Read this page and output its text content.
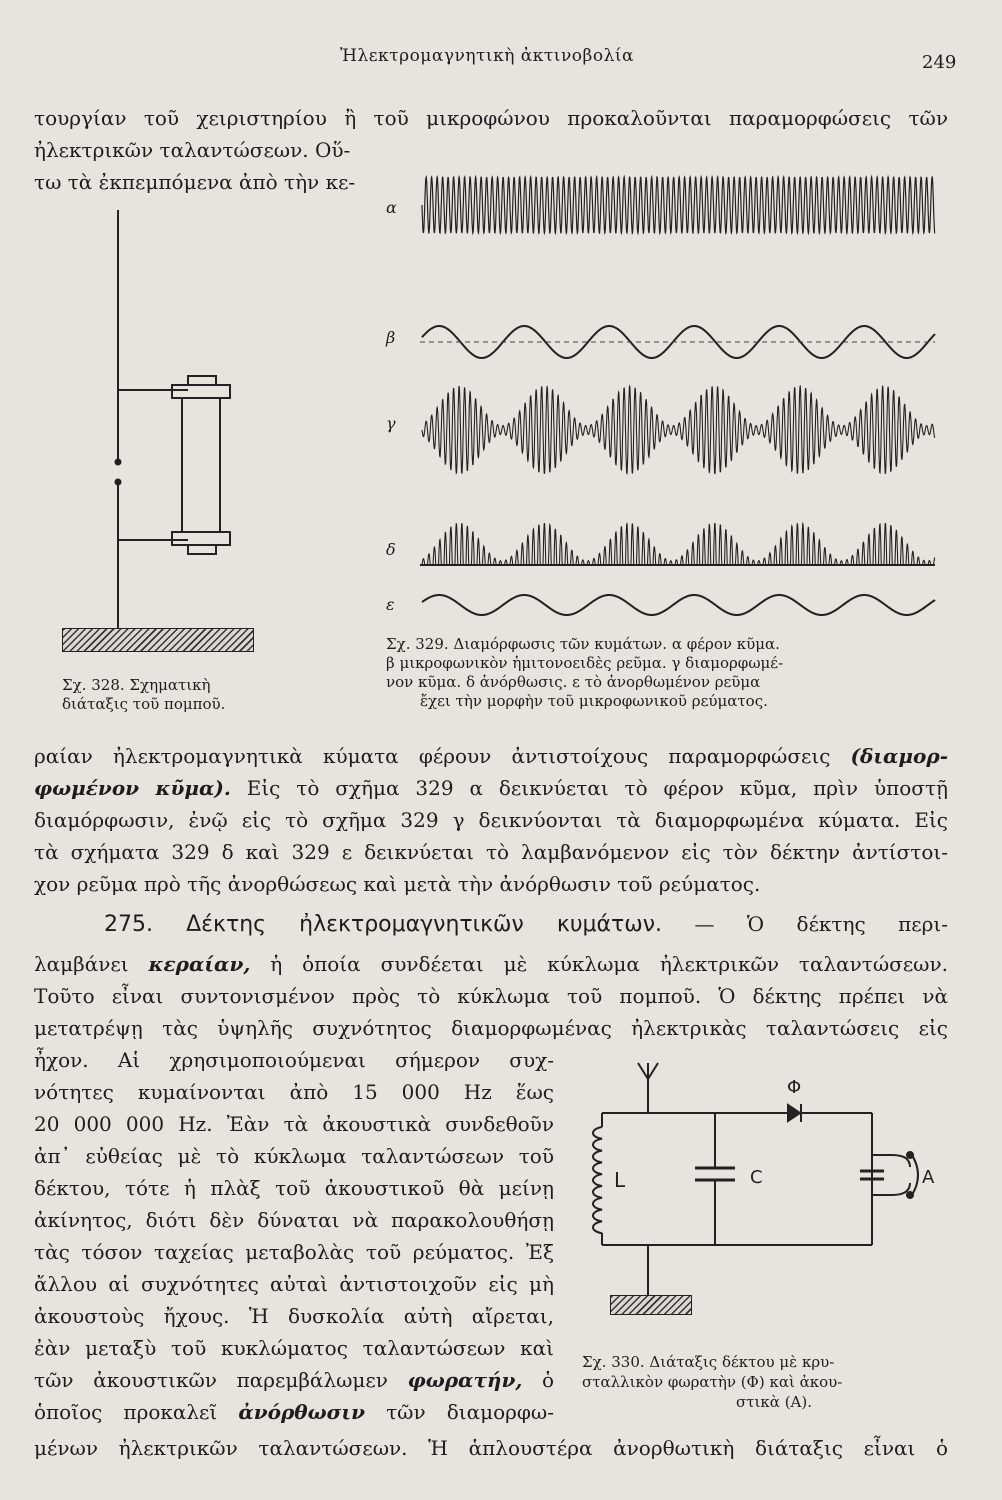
Ἠλεκτρομαγνητικὴ ἀκτινοβολία	249
τουργίαν τοῦ χειριστηρίου ἢ τοῦ μικροφώνου προκαλοῦνται παραμορφώσεις τῶν
ἠλεκτρικῶν ταλαντώσεων. Οὕ-
τω τὰ ἐκπεμπόμενα ἀπὸ τὴν κε-
Σχ. 328. Σχηματικὴ
διάταξις τοῦ πομποῦ.
α
β
γ
δ
ε
Σχ. 329. Διαμόρφωσις τῶν κυμάτων. α φέρον κῦμα.
β μικροφωνικὸν ἡμιτονοειδὲς ρεῦμα. γ διαμορφωμέ-
νον κῦμα. δ ἀνόρθωσις. ε τὸ ἀνορθωμένον ρεῦμα
ἔχει τὴν μορφὴν τοῦ μικροφωνικοῦ ρεύματος.
ραίαν ἠλεκτρομαγνητικὰ κύματα φέρουν ἀντιστοίχους παραμορφώσεις (διαμορ-
φωμένον κῦμα). Εἰς τὸ σχῆμα 329 α δεικνύεται τὸ φέρον κῦμα, πρὶν ὑποστῇ
διαμόρφωσιν, ἐνῷ εἰς τὸ σχῆμα 329 γ δεικνύονται τὰ διαμορφωμένα κύματα. Εἰς
τὰ σχήματα 329 δ καὶ 329 ε δεικνύεται τὸ λαμβανόμενον εἰς τὸν δέκτην ἀντίστοι-
χον ρεῦμα πρὸ τῆς ἀνορθώσεως καὶ μετὰ τὴν ἀνόρθωσιν τοῦ ρεύματος.
275. Δέκτης ἠλεκτρομαγνητικῶν κυμάτων. — Ὁ δέκτης περι-
λαμβάνει κεραίαν, ἡ ὁποία συνδέεται μὲ κύκλωμα ἠλεκτρικῶν ταλαντώσεων.
Τοῦτο εἶναι συντονισμένον πρὸς τὸ κύκλωμα τοῦ πομποῦ. Ὁ δέκτης πρέπει νὰ
μετατρέψῃ τὰς ὑψηλῆς συχνότητος διαμορφωμένας ἠλεκτρικὰς ταλαντώσεις εἰς
ἦχον. Αἱ χρησιμοποιούμεναι σήμερον συχ-
νότητες κυμαίνονται ἀπὸ 15 000 Hz ἕως
20 000 000 Hz. Ἐὰν τὰ ἀκουστικὰ συνδεθοῦν
ἀπ᾽ εὐθείας μὲ τὸ κύκλωμα ταλαντώσεων τοῦ
δέκτου, τότε ἡ πλὰξ τοῦ ἀκουστικοῦ θὰ μείνῃ
ἀκίνητος, διότι δὲν δύναται νὰ παρακολουθήσῃ
τὰς τόσον ταχείας μεταβολὰς τοῦ ρεύματος. Ἐξ
ἄλλου αἱ συχνότητες αὐταὶ ἀντιστοιχοῦν εἰς μὴ
ἀκουστοὺς ἤχους. Ἡ δυσκολία αὐτὴ αἴρεται,
ἐὰν μεταξὺ τοῦ κυκλώματος ταλαντώσεων καὶ
τῶν ἀκουστικῶν παρεμβάλωμεν φωρατήν, ὁ
ὁποῖος προκαλεῖ ἀνόρθωσιν τῶν διαμορφω-
μένων ἠλεκτρικῶν ταλαντώσεων. Ἡ ἁπλουστέρα ἀνορθωτικὴ διάταξις εἶναι ὁ
Φ
L	C	A
Σχ. 330. Διάταξις δέκτου μὲ κρυ-
σταλλικὸν φωρατὴν (Φ) καὶ ἀκου-
στικὰ (Α).
